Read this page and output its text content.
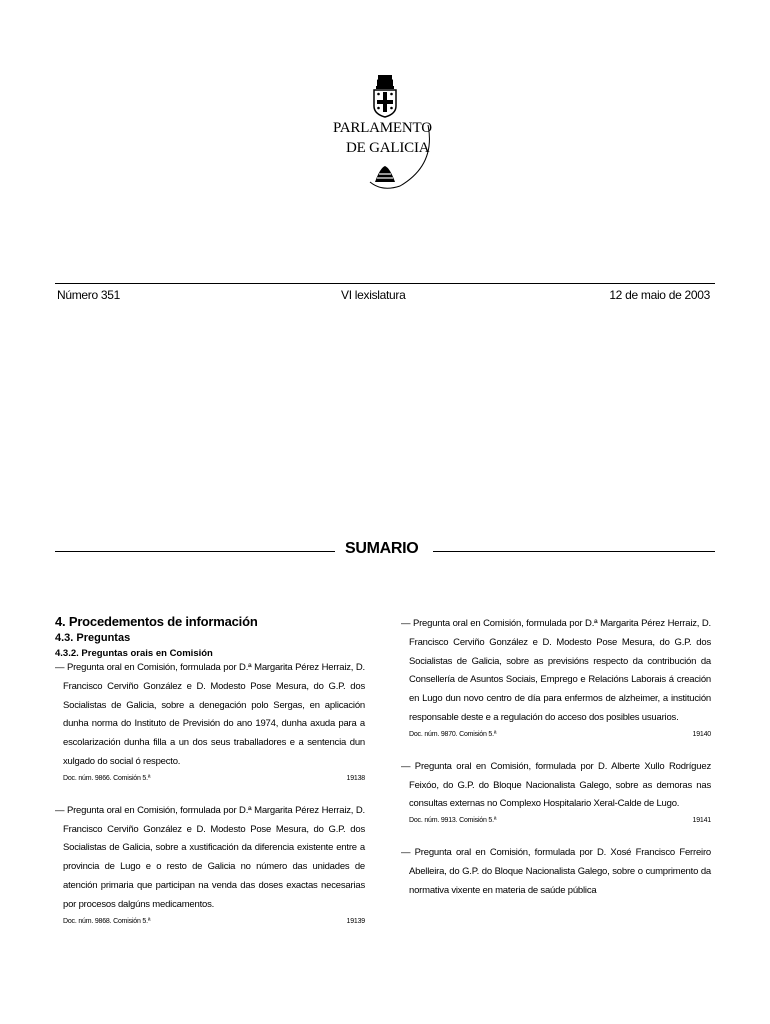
PARLAMENTO
DE GALICIA
Número 351	VI lexislatura	12 de maio de 2003
SUMARIO
4. Procedementos de información
4.3. Preguntas
4.3.2. Preguntas orais en Comisión
— Pregunta oral en Comisión, formulada por D.ª Margarita Pérez Herraiz, D. Francisco Cerviño González e D. Modesto Pose Mesura, do G.P. dos Socialistas de Galicia, sobre a denegación polo Sergas, en aplicación dunha norma do Instituto de Previsión do ano 1974, dunha axuda para a escolarización dunha filla a un dos seus traballadores e a sentencia dun xulgado do social ó respecto.
Doc. núm. 9866. Comisión 5.ª	19138
— Pregunta oral en Comisión, formulada por D.ª Margarita Pérez Herraiz, D. Francisco Cerviño González e D. Modesto Pose Mesura, do G.P. dos Socialistas de Galicia, sobre a xustificación da diferencia existente entre a provincia de Lugo e o resto de Galicia no número das unidades de atención primaria que participan na venda das doses exactas necesarias por procesos dalgúns medicamentos.
Doc. núm. 9868. Comisión 5.ª	19139
— Pregunta oral en Comisión, formulada por D.ª Margarita Pérez Herraiz, D. Francisco Cerviño González e D. Modesto Pose Mesura, do G.P. dos Socialistas de Galicia, sobre as previsións respecto da contribución da Consellería de Asuntos Sociais, Emprego e Relacións Laborais á creación en Lugo dun novo centro de día para enfermos de alzheimer, a institución responsable deste e a regulación do acceso dos posibles usuarios.
Doc. núm. 9870. Comisión 5.ª	19140
— Pregunta oral en Comisión, formulada por D. Alberte Xullo Rodríguez Feixóo, do G.P. do Bloque Nacionalista Galego, sobre as demoras nas consultas externas no Complexo Hospitalario Xeral-Calde de Lugo.
Doc. núm. 9913. Comisión 5.ª	19141
— Pregunta oral en Comisión, formulada por D. Xosé Francisco Ferreiro Abelleira, do G.P. do Bloque Nacionalista Galego, sobre o cumprimento da normativa vixente en materia de saúde pública
